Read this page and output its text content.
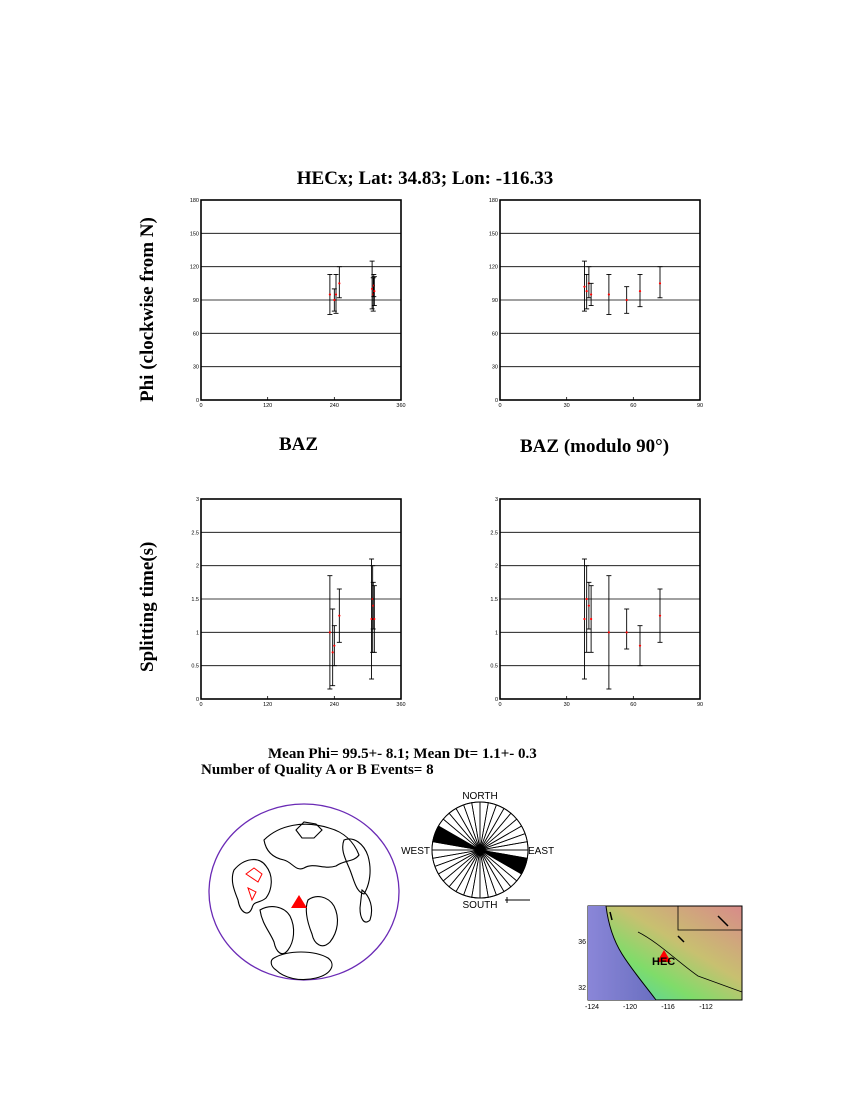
HECx; Lat: 34.83; Lon: -116.33
Phi (clockwise from N)
Splitting time(s)
0
30
60
90
120
150
180
0	120	240	360
0
30
60
90
120
150
180
0	30	60	90
0
0.5
1
1.5
2
2.5
3
0	120	240	360
0
0.5
1
1.5
2
2.5
3
0	30	60	90
BAZ	BAZ (modulo 90°)
Mean Phi= 99.5+- 8.1; Mean Dt= 1.1+- 0.3
Number of Quality A or B Events= 8
NORTH
SOUTH
WEST	EAST
HEC
36
32
-124	-120	-116	-112
